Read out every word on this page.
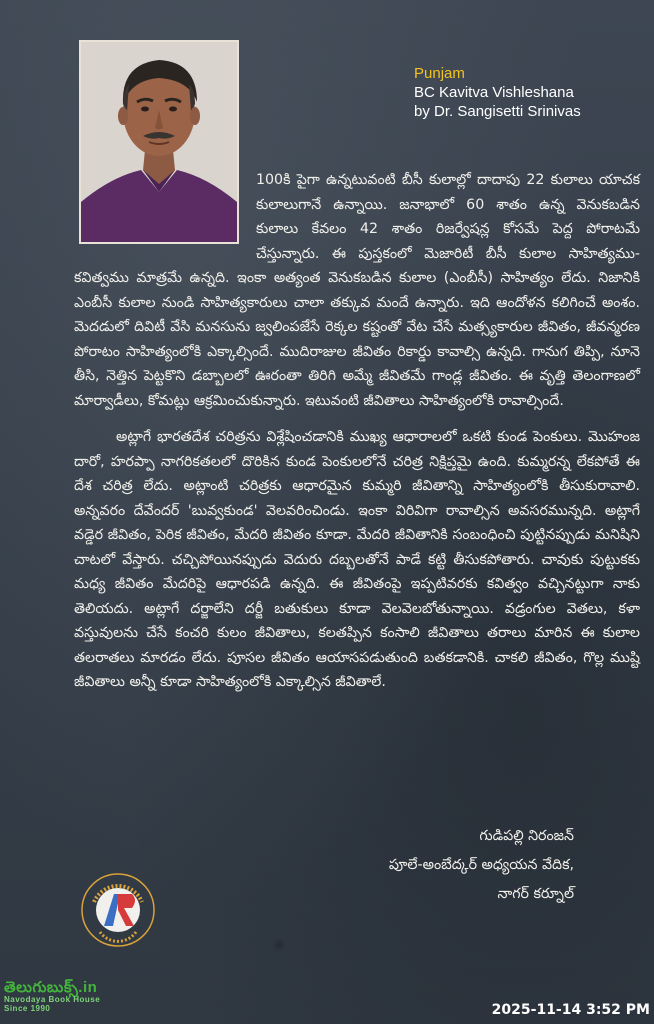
Punjam
BC Kavitva Vishleshana
by Dr. Sangisetti Srinivas

100కి పైగా ఉన్నటువంటి బీసీ కులాల్లో దాదాపు 22 కులాలు యాచక కులాలుగానే ఉన్నాయి. జనాభాలో 60 శాతం ఉన్న వెనుకబడిన కులాలు కేవలం 42 శాతం రిజర్వేషన్ల కోసమే పెద్ద పోరాటమే చేస్తున్నారు. ఈ పుస్తకంలో మెజారిటీ బీసీ కులాల సాహిత్యము- కవిత్వము మాత్రమే ఉన్నది. ఇంకా అత్యంత వెనుకబడిన కులాల (ఎంబీసీ) సాహిత్యం లేదు. నిజానికి ఎంబీసీ కులాల నుండి సాహిత్యకారులు చాలా తక్కువ మందే ఉన్నారు. ఇది ఆందోళన కలిగించే అంశం. మెదడులో దివిటీ వేసి మనసును జ్వలింపజేసే రెక్కల కష్టంతో వేట చేసే మత్స్యకారుల జీవితం, జీవన్మరణ పోరాటం సాహిత్యంలోకి ఎక్కాల్సిందే. ముదిరాజుల జీవితం రికార్డు కావాల్సి ఉన్నది. గానుగ తిప్పి, నూనె తీసి, నెత్తిన పెట్టకొని డబ్బాలలో ఊరంతా తిరిగి అమ్మే జీవితమే గాండ్ల జీవితం. ఈ వృత్తి తెలంగాణలో మార్వాడీలు, కోమట్లు ఆక్రమించుకున్నారు. ఇటువంటి జీవితాలు సాహిత్యంలోకి రావాల్సిందే.

అట్లాగే భారతదేశ చరిత్రను విశ్లేషించడానికి ముఖ్య ఆధారాలలో ఒకటి కుండ పెంకులు. మొహంజ దారో, హరప్పా నాగరికతలలో దొరికిన కుండ పెంకులలోనే చరిత్ర నిక్షిప్తమై ఉంది. కుమ్మరన్న లేకపోతే ఈ దేశ చరిత్ర లేదు. అట్లాంటి చరిత్రకు ఆధారమైన కుమ్మరి జీవితాన్ని సాహిత్యంలోకి తీసుకురావాలి. అన్నవరం దేవేందర్ 'బువ్వకుండ' వెలవరించిండు. ఇంకా విరివిగా రావాల్సిన అవసరమున్నది. అట్లాగే వడ్డెర జీవితం, పెరిక జీవితం, మేదరి జీవితం కూడా. మేదరి జీవితానికి సంబంధించి పుట్టినప్పుడు మనిషిని చాటలో వేస్తారు. చచ్చిపోయినప్పుడు వెదురు దబ్బలతోనే పాడే కట్టి తీసుకపోతారు. చావుకు పుట్టుకకు మధ్య జీవితం మేదరిపై ఆధారపడి ఉన్నది. ఈ జీవితంపై ఇప్పటివరకు కవిత్వం వచ్చినట్టుగా నాకు తెలియదు. అట్లాగే దర్జాలేని దర్జీ బతుకులు కూడా వెలవెలబోతున్నాయి. వడ్రంగుల వెతలు, కళా వస్తువులను చేసే కంచరి కులం జీవితాలు, కలతప్పిన కంసాలి జీవితాలు తరాలు మారిన ఈ కులాల తలరాతలు మారడం లేదు. పూసల జీవితం ఆయాసపడుతుంది బతకడానికి. చాకలి జీవితం, గొల్ల ముష్టి జీవితాలు అన్నీ కూడా సాహిత్యంలోకి ఎక్కాల్సిన జీవితాలే.

గుడిపల్లి నిరంజన్
పూలే-అంబేద్కర్ అధ్యయన వేదిక,
నాగర్ కర్నూల్
తెలుగుబుక్స్.in
Navodaya Book House
Since 1990	2025-11-14 3:52 PM
